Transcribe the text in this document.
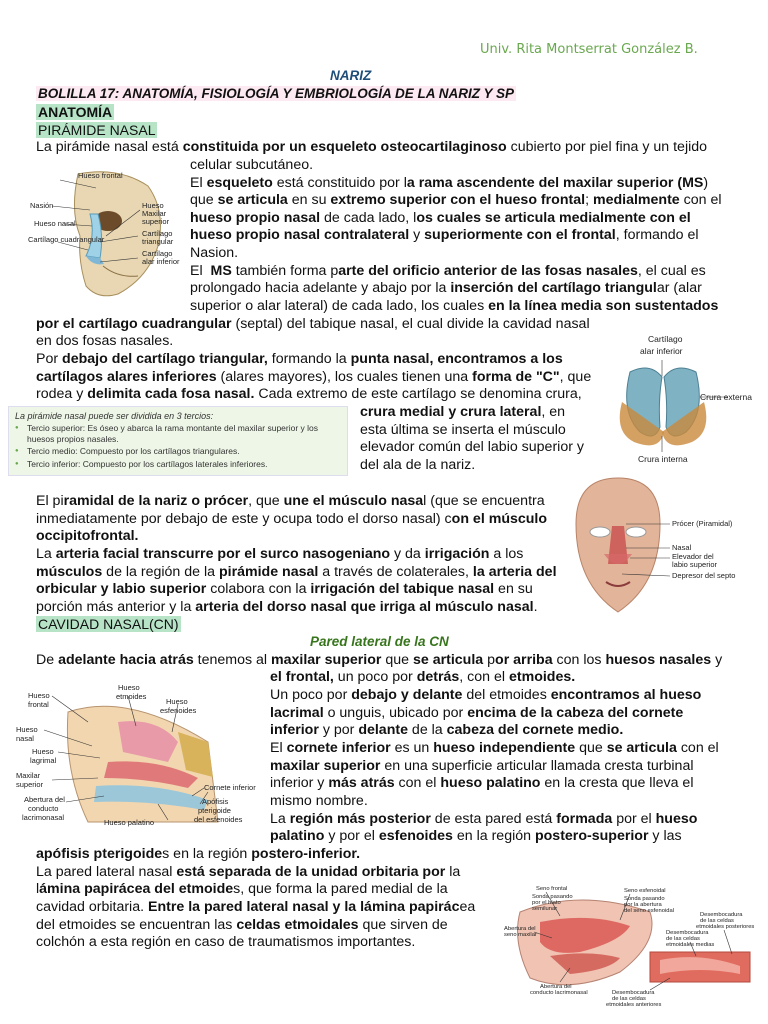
Univ. Rita Montserrat González B.
NARIZ
BOLILLA 17: ANATOMÍA, FISIOLOGÍA Y EMBRIOLOGÍA DE LA NARIZ Y SP
ANATOMÍA
PIRÁMIDE NASAL
La pirámide nasal está constituida por un esqueleto osteocartilaginoso cubierto por piel fina y un tejido
celular subcutáneo.
El esqueleto está constituido por la rama ascendente del maxilar superior (MS)
que se articula en su extremo superior con el hueso frontal; medialmente con el
hueso propio nasal de cada lado, los cuales se articula medialmente con el
hueso propio nasal contralateral y superiormente con el frontal, formando el
Nasion.
El  MS también forma parte del orificio anterior de las fosas nasales, el cual es
prolongado hacia adelante y abajo por la inserción del cartílago triangular (alar
superior o alar lateral) de cada lado, los cuales en la línea media son sustentados
por el cartílago cuadrangular (septal) del tabique nasal, el cual divide la cavidad nasal
en dos fosas nasales.
Por debajo del cartílago triangular, formando la punta nasal, encontramos a los
cartílagos alares inferiores (alares mayores), los cuales tienen una forma de "C", que
rodea y delimita cada fosa nasal. Cada extremo de este cartílago se denomina crura,
crura medial y crura lateral, en
esta última se inserta el músculo
elevador común del labio superior y
del ala de la nariz.
El piramidal de la nariz o prócer, que une el músculo nasal (que se encuentra
inmediatamente por debajo de este y ocupa todo el dorso nasal) con el músculo
occipitofrontal.
La arteria facial transcurre por el surco nasogeniano y da irrigación a los
músculos de la región de la pirámide nasal a través de colaterales, la arteria del
orbicular y labio superior colabora con la irrigación del tabique nasal en su
porción más anterior y la arteria del dorso nasal que irriga al músculo nasal.
CAVIDAD NASAL(CN)
Pared lateral de la CN
De adelante hacia atrás tenemos al maxilar superior que se articula por arriba con los huesos nasales y
el frontal, un poco por detrás, con el etmoides.
Un poco por debajo y delante del etmoides encontramos al hueso
lacrimal o unguis, ubicado por encima de la cabeza del cornete
inferior y por delante de la cabeza del cornete medio.
El cornete inferior es un hueso independiente que se articula con el
maxilar superior en una superficie articular llamada cresta turbinal
inferior y más atrás con el hueso palatino en la cresta que lleva el
mismo nombre.
La región más posterior de esta pared está formada por el hueso
palatino y por el esfenoides en la región postero-superior y las
apófisis pterigoides en la región postero-inferior.
La pared lateral nasal está separada de la unidad orbitaria por la
lámina papirácea del etmoides, que forma la pared medial de la
cavidad orbitaria. Entre la pared lateral nasal y la lámina papirácea
del etmoides se encuentran las celdas etmoidales que sirven de
colchón a esta región en caso de traumatismos importantes.
Hueso frontal
Nasión
Hueso nasal
Cartílago cuadrangular
Hueso
Maxilar
superior
Cartílago
triangular
Cartílago
alar inferior
Cartílago
alar inferior
Crura externa
Crura interna
La pirámide nasal puede ser dividida en 3 tercios:
● Tercio superior: Es óseo y abarca la rama montante del maxilar superior y los huesos propios nasales.
● Tercio medio: Compuesto por los cartílagos triangulares.
● Tercio inferior: Compuesto por los cartílagos laterales inferiores.
Prócer (Piramidal)
Nasal
Elevador del
labio superior
Depresor del septo
Hueso
frontal
Hueso
etmoides
Hueso
esfenoides
Hueso
nasal
Hueso
lagrimal
Maxilar
superior
Abertura del
conducto
lacrimonasal
Hueso palatino
Cornete inferior
Apófisis
pterigoide
del esfenoides
Seno frontal
Sonda pasando
por el hiato
semilunar
Abertura del
seno maxilar
Seno esfenoidal
Sonda pasando
por la abertura
del seno esfenoidal
Desembocadura
de las celdas
etmoidales posteriores
Desembocadura
de las celdas
etmoidales medias
Abertura del
conducto lacrimonasal	Desembocadura
de las celdas
etmoidales anteriores
